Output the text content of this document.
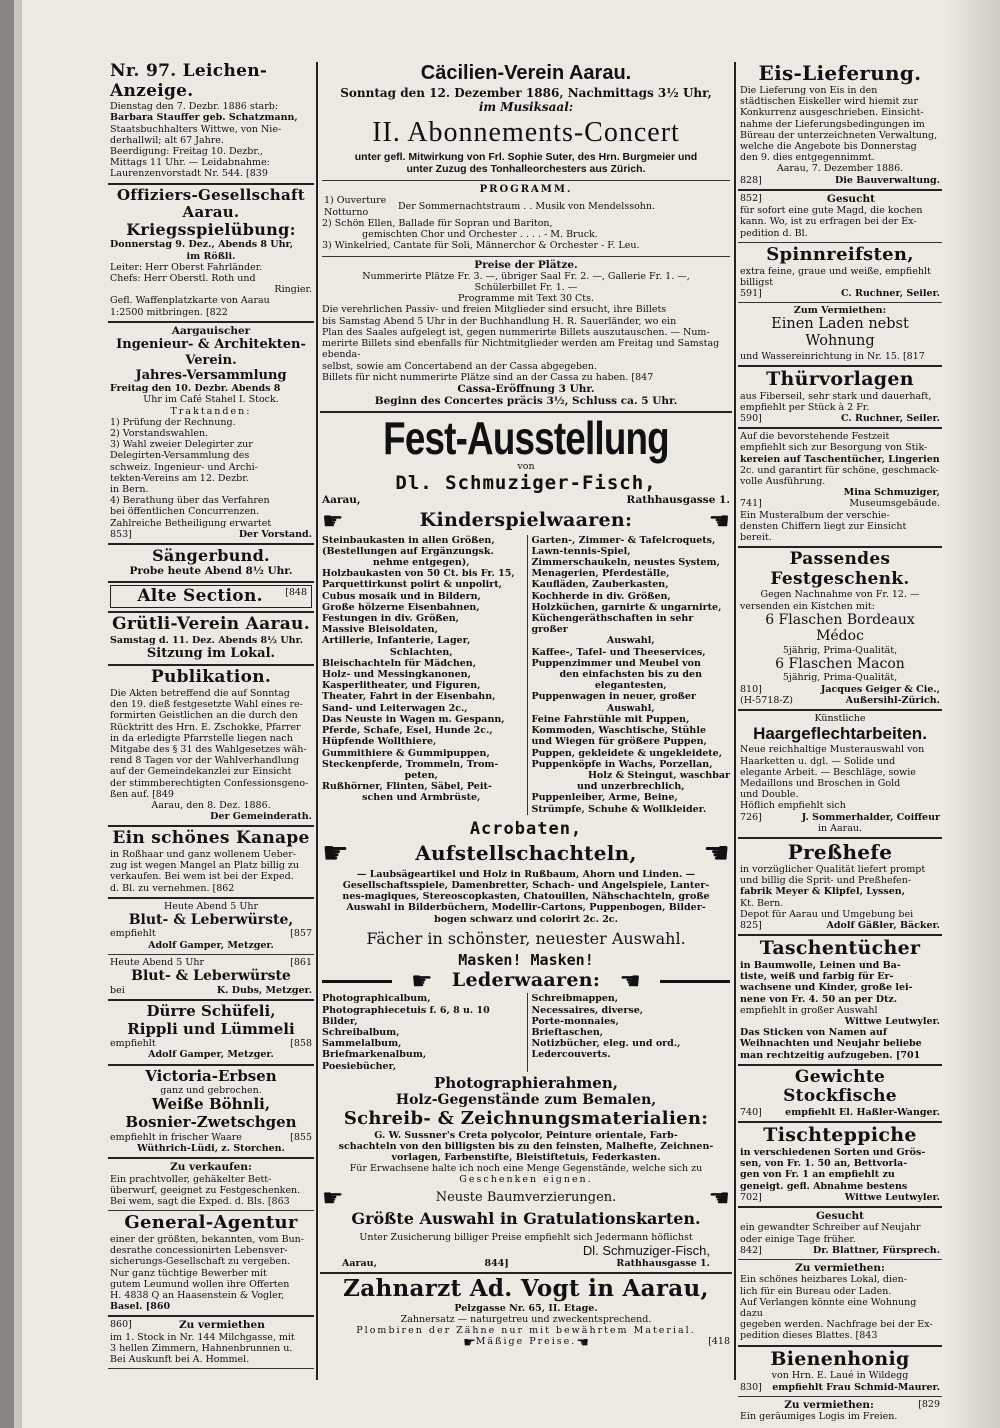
Nr. 97. Leichen-Anzeige.
Dienstag den 7. Dezbr. 1886 starb:
Barbara Stauffer geb. Schatzmann,
Staatsbuchhalters Wittwe, von Nie-
derhallwil; alt 67 Jahre.
Beerdigung: Freitag 10. Dezbr.,
Mittags 11 Uhr. — Leidabnahme:
Laurenzenvorstadt Nr. 544. [839
Offiziers-Gesellschaft Aarau.
Kriegsspielübung:
Donnerstag 9. Dez., Abends 8 Uhr,
im Rößli.
Leiter: Herr Oberst Fahrländer.
Chefs: Herr Oberstl. Roth und
Ringier.
Gefl. Waffenplatzkarte von Aarau
1:2500 mitbringen. [822
Aargauischer
Ingenieur- & Architekten-Verein.
Jahres-Versammlung
Freitag den 10. Dezbr. Abends 8
Uhr im Café Stahel I. Stock.
Traktanden:
1) Prüfung der Rechnung.
2) Vorstandswahlen.
3) Wahl zweier Delegirter zur
Delegirten-Versammlung des
schweiz. Ingenieur- und Archi-
tekten-Vereins am 12. Dezbr.
in Bern.
4) Berathung über das Verfahren
bei öffentlichen Concurrenzen.
Zahlreiche Betheiligung erwartet
853]	Der Vorstand.
Sängerbund.
Probe heute Abend 8½ Uhr.
Alte Section.	[848
Grütli-Verein Aarau.
Samstag d. 11. Dez. Abends 8½ Uhr.
Sitzung im Lokal.
Publikation.
Die Akten betreffend die auf Sonntag
den 19. dieß festgesetzte Wahl eines re-
formirten Geistlichen an die durch den
Rücktritt des Hrn. E. Zschokke, Pfarrer
in da erledigte Pfarrstelle liegen nach
Mitgabe des § 31 des Wahlgesetzes wäh-
rend 8 Tagen vor der Wahlverhandlung
auf der Gemeindekanzlei zur Einsicht
der stimmberechtigten Confessionsgeno-
ßen auf. [849
Aarau, den 8. Dez. 1886.
Der Gemeinderath.
Ein schönes Kanape
in Roßhaar und ganz wollenem Ueber-
zug ist wegen Mangel an Platz billig zu
verkaufen. Bei wem ist bei der Exped.
d. Bl. zu vernehmen. [862
Heute Abend 5 Uhr
Blut- & Leberwürste,
empfiehlt	[857
Adolf Gamper, Metzger.
Heute Abend 5 Uhr	[861
Blut- & Leberwürste
bei	K. Dubs, Metzger.
Dürre Schüfeli,
Rippli und Lümmeli
empfiehlt	[858
Adolf Gamper, Metzger.
Victoria-Erbsen
ganz und gebrochen.
Weiße Böhnli,
Bosnier-Zwetschgen
empfiehlt in frischer Waare	[855
Wüthrich-Lüdi, z. Storchen.
Zu verkaufen:
Ein prachtvoller, gehäkelter Bett-
überwurf, geeignet zu Festgeschenken.
Bei wem, sagt die Exped. d. Bls. [863
General-Agentur
einer der größten, bekannten, vom Bun-
desrathe concessionirten Lebensver-
sicherungs-Gesellschaft zu vergeben.
Nur ganz tüchtige Bewerber mit
gutem Leumund wollen ihre Offerten
H. 4838 Q an Haasenstein & Vogler,
Basel. [860
860]	Zu vermiethen
im 1. Stock in Nr. 144 Milchgasse, mit
3 hellen Zimmern, Hahnenbrunnen u.
Bei Auskunft bei A. Hommel.
Cäcilien-Verein Aarau.
Sonntag den 12. Dezember 1886, Nachmittags 3½ Uhr,
im Musiksaal:
II. Abonnements-Concert
unter gefl. Mitwirkung von Frl. Sophie Suter, des Hrn. Burgmeier und
unter Zuzug des Tonhalleorchesters aus Zürich.
PROGRAMM.
1) Ouverture
Notturno
	Der Sommernachtstraum . . Musik von Mendelssohn.
2) Schön Ellen, Ballade für Sopran und Bariton,
gemischten Chor und Orchester . . . . - M. Bruck.
3) Winkelried, Cantate für Soli, Männerchor & Orchester - F. Leu.
Preise der Plätze.
Nummerirte Plätze Fr. 3. —, übriger Saal Fr. 2. —, Gallerie Fr. 1. —,
Schülerbillet Fr. 1. —
Programme mit Text 30 Cts.
Die verehrlichen Passiv- und freien Mitglieder sind ersucht, ihre Billets
bis Samstag Abend 5 Uhr in der Buchhandlung H. R. Sauerländer, wo ein
Plan des Saales aufgelegt ist, gegen nummerirte Billets auszutauschen. — Num-
merirte Billets sind ebenfalls für Nichtmitglieder werden am Freitag und Samstag ebenda-
selbst, sowie am Concertabend an der Cassa abgegeben.
Billets für nicht nummerirte Plätze sind an der Cassa zu haben. [847
Cassa-Eröffnung 3 Uhr.
Beginn des Concertes präcis 3½, Schluss ca. 5 Uhr.
Fest-Ausstellung
von
Dl. Schmuziger-Fisch,
Aarau,	Rathhausgasse 1.
☛	Kinderspielwaaren:	☚
Steinbaukasten in allen Größen,
(Bestellungen auf Ergänzungsk.
nehme entgegen),
Holzbaukasten von 50 Ct. bis Fr. 15,
Parquettirkunst polirt & unpolirt,
Cubus mosaik und in Bildern,
Große hölzerne Eisenbahnen,
Festungen in div. Größen,
Massive Bleisoldaten,
Artillerie, Infanterie, Lager,
Schlachten,
Bleischachteln für Mädchen,
Holz- und Messingkanonen,
Kasperlitheater, und Figuren,
Theater, Fahrt in der Eisenbahn,
Sand- und Leiterwagen 2c.,
Das Neuste in Wagen m. Gespann,
Pferde, Schafe, Esel, Hunde 2c.,
Hüpfende Wollthiere,
Gummithiere & Gummipuppen,
Steckenpferde, Trommeln, Trom-
peten,
Rußhörner, Flinten, Säbel, Peit-
schen und Armbrüste,
Garten-, Zimmer- & Tafelcroquets,
Lawn-tennis-Spiel,
Zimmerschaukeln, neustes System,
Menagerien, Pferdeställe,
Kaufläden, Zauberkasten,
Kochherde in div. Größen,
Holzküchen, garnirte & ungarnirte,
Küchengeräthschaften in sehr großer
Auswahl,
Kaffee-, Tafel- und Theeservices,
Puppenzimmer und Meubel von
den einfachsten bis zu den
elegantesten,
Puppenwagen in neuer, großer
Auswahl,
Feine Fahrstühle mit Puppen,
Kommoden, Waschtische, Stühle
und Wiegen für größere Puppen,
Puppen, gekleidete & ungekleidete,
Puppenköpfe in Wachs, Porzellan,
Holz & Steingut, waschbar
und unzerbrechlich,
Puppenleiber, Arme, Beine,
Strümpfe, Schuhe & Wollkleider.
Acrobaten,
☛	Aufstellschachteln, ☚
— Laubsägeartikel und Holz in Rußbaum, Ahorn und Linden. —
Gesellschaftsspiele, Damenbretter, Schach- und Angelspiele, Lanter-
nes-magiques, Stereoscopkasten, Chatouillen, Nähschachteln, große
Auswahl in Bilderbüchern, Modellir-Cartons, Puppenbogen, Bilder-
bogen schwarz und colorirt 2c. 2c.
Fächer in schönster, neuester Auswahl.
Masken! Masken!
☛ Lederwaaren: ☚
Photographicalbum,
Photographiecetuis f. 6, 8 u. 10 Bilder,
Schreibalbum,
Sammelalbum,
Briefmarkenalbum,
Poesiebücher,
Schreibmappen,
Necessaires, diverse,
Porte-monnaies,
Brieftaschen,
Notizbücher, eleg. und ord.,
Ledercouverts.
Photographierahmen,
Holz-Gegenstände zum Bemalen,
Schreib- & Zeichnungsmaterialien:
G. W. Sussner's Creta polycolor, Peinture orientale, Farb-
schachteln von den billigsten bis zu den feinsten, Malhefte, Zeichnen-
vorlagen, Farbenstifte, Bleistiftetuis, Federkasten.
Für Erwachsene halte ich noch eine Menge Gegenstände, welche sich zu
Geschenken eignen.
☛	Neuste Baumverzierungen.	☚
Größte Auswahl in Gratulationskarten.
Unter Zusicherung billiger Preise empfiehlt sich Jedermann höflichst
Dl. Schmuziger-Fisch,
Aarau,	844]	Rathhausgasse 1.
Zahnarzt Ad. Vogt in Aarau,
Pelzgasse Nr. 65, II. Etage.
Zahnersatz — naturgetreu und zweckentsprechend.
Plombiren der Zähne nur mit bewährtem Material.
☛ Mäßige Preise. ☚	[418
Eis-Lieferung.
Die Lieferung von Eis in den
städtischen Eiskeller wird hiemit zur
Konkurrenz ausgeschrieben. Einsicht-
nahme der Lieferungsbedingungen im
Büreau der unterzeichneten Verwaltung,
welche die Angebote bis Donnerstag
den 9. dies entgegennimmt.
Aarau, 7. Dezember 1886.
828]	Die Bauverwaltung.
852]	Gesucht
für sofort eine gute Magd, die kochen
kann. Wo, ist zu erfragen bei der Ex-
pedition d. Bl.
Spinnreifsten,
extra feine, graue und weiße, empfiehlt
billigst
591]	C. Ruchner, Seiler.
Zum Vermiethen:
Einen Laden nebst Wohnung
und Wassereinrichtung in Nr. 15. [817
Thürvorlagen
aus Fiberseil, sehr stark und dauerhaft,
empfiehlt per Stück à 2 Fr.
590]	C. Ruchner, Seiler.
Auf die bevorstehende Festzeit
empfiehlt sich zur Besorgung von Stik-
kereien auf Taschentücher, Lingerien
2c. und garantirt für schöne, geschmack-
volle Ausführung.
Mina Schmuziger,
741]	Museumsgebäude.
Ein Musteralbum der verschie-
densten Chiffern liegt zur Einsicht bereit.
Passendes Festgeschenk.
Gegen Nachnahme von Fr. 12. —
versenden ein Kistchen mit:
6 Flaschen Bordeaux Médoc
5jährig, Prima-Qualität,
6 Flaschen Macon
5jährig, Prima-Qualität,
810]	Jacques Geiger & Cie.,
(H-5718-Z)	Außersihl-Zürich.
Künstliche
Haargeflechtarbeiten.
Neue reichhaltige Musterauswahl von
Haarketten u. dgl. — Solide und
elegante Arbeit. — Beschläge, sowie
Medaillons und Broschen in Gold
und Double.
Höflich empfiehlt sich
726]	J. Sommerhalder, Coiffeur
in Aarau.
Preßhefe
in vorzüglicher Qualität liefert prompt
und billig die Sprit- und Preßhefen-
fabrik Meyer & Klipfel, Lyssen,
Kt. Bern.
Depot für Aarau und Umgebung bei
825]	Adolf Gäßler, Bäcker.
Taschentücher
in Baumwolle, Leinen und Ba-
tiste, weiß und farbig für Er-
wachsene und Kinder, große lei-
nene von Fr. 4. 50 an per Dtz.
empfiehlt in großer Auswahl
Wittwe Leutwyler.
Das Sticken von Namen auf
Weihnachten und Neujahr beliebe
man rechtzeitig aufzugeben. [701
Gewichte Stockfische
740] empfiehlt El. Haßler-Wanger.
Tischteppiche
in verschiedenen Sorten und Grös-
sen, von Fr. 1. 50 an, Bettvorla-
gen von Fr. 1 an empfiehlt zu
geneigt. gefl. Abnahme bestens
702]	Wittwe Leutwyler.
Gesucht
ein gewandter Schreiber auf Neujahr
oder einige Tage früher.
842]	Dr. Blattner, Fürsprech.
Zu vermiethen:
Ein schönes heizbares Lokal, dien-
lich für ein Bureau oder Laden.
Auf Verlangen könnte eine Wohnung dazu
gegeben werden. Nachfrage bei der Ex-
pedition dieses Blattes. [843
Bienenhonig
von Hrn. E. Laué in Wildegg
830] empfiehlt Frau Schmid-Maurer.
Zu vermiethen:	[829
Ein geräumiges Logis im Freien.
